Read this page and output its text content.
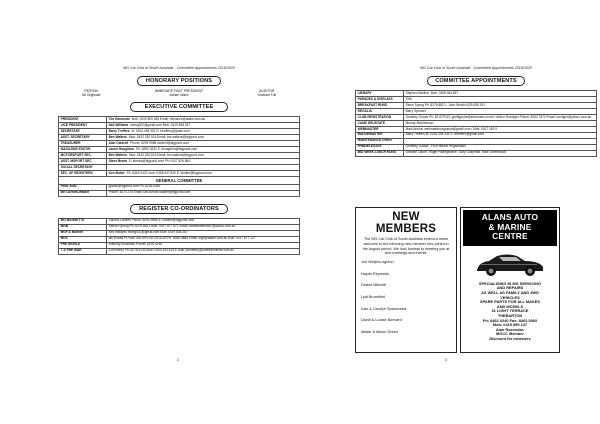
MG Car Club of South Australia - Committee Appointments 2019/2020
HONORARY POSITIONS
PATRON
Nil Originals
IMMEDIATE PAST PRESIDENT
Adrian Ward
AUDITOR
Graham Tull
EXECUTIVE COMMITTEE
PRESIDENT	Tim Edmonds Mob: 0419 805 465 Email: mfinance@adam.com.au
VICE PRESIDENT	Neil Williams nwmg002@gmail.com Mob: 0419 838 267
SECRETARY	Barry Treffers M: 0434 495 331 E: btreffers@gmail.com
ASST. SECRETARY	Ben Walters Mob: 0432 252 516 Email: bm.walters@bigpond.com
TREASURER	Alan Cantrell Phone: 8294 9988 cantrell@bigpond.com
MAGAZINE EDITOR	Laurie Houghton Ph: 8390 0932 E: lhoughton@bigpond.com
MOTORSPORT SEC.	Ben Walters Mob: 0432 252 516 Email: bm.walters@bigpond.com
ASST. MSPORT SEC.	Steve Beara E: sbeara@bigpond.com Ph: 0417 826 864
SOCIAL SECRETARY	
SEC. OF REGISTERS	Ken Butler Ph: 8369 0421 mob: 0408 047 840 E: kbutler@bigpond.com
GENERAL COMMITTEE	
Peter Auld	pjauld@bigpond.com Ph: 8234 6469
Ian Curnow-Walker	Phone: 8274 276 Email: ian.curnow.walker@bigpond.com
REGISTER CO-ORDINATORS
MG MAGNETTE	Sandra Cantrell Phone: 8294 9988 E: cantrell@bigpond.com
MGB	Steven Spong Ph: 8276 8813 Mob: 0417 877 871 Email: barbandsteve62@yahoo.com.au
MGF & Modern	Neil Williams nwmg002@gmail.com Mob: 0419 838 267
MGC	Ian Hobbs PO Box 426 MYLOR SA 5153 Ph: 8388 5888 Email: mgc@adam.com.au Mob: 0417 877 127
PRE WORLD	Anthony Ruwolsen Phone: 8276 4292
T & PRE WAR	John Berry Ph: 8278 5133 Mob: 0403 343 434 E-mail: johnberry@subtleeceleste.com.au
2
MG Car Club of South Australia - Committee Appointments 2019/2020
COMMITTEE APPOINTMENTS
LIBRARY	Stephen Marlton, Mob: 0499 464 857
PARADES & DISPLAYS	TBA
BREAKFAST RUNS	Steve Spong Ph: 8276 8813 - John Worth 0429 408 191
REGALIA	Barry Spencer
CLUB REGISTRATION	Geoffrey Goode Ph: 82 679743, geoffgoode@internode.on.net / Arthur Ruediger Phone: 8262 7870 Email: ruediger@yahoo.com.au
CAMS DELEGATE	Murray Stephenson
WEBMASTER	Mark Anelun webmaster.mgcarsa@gmail.com / Mob: 0417 062 0
BADGEMASTER	Barry Treffers M: 0434 495 331 E: btreffers@gmail.com
MAINTENANCE Officer	
FHMDELEGATE	Geoffrey Goode - Fed Historic Registration
MID WEEK LUNCH RUNS	Graham Laurie, Roger Pallingbrame, Gary Chapman, Mike Greenwood
NEW MEMBERS
The MG Car Club of South Australia extend a warm welcome to the following new member who joined in the August period. We look forward to meeting you at club meetings and events.
Joh Weijers-oghton
Haydn Reynolds
Deane Mitchell
Lydi Brumfield
Ivan & Carolyn Spanovskis
David & Louise Bunvard
Alister & Alison Green
ALANS AUTO
& MARINE
CENTRE
SPECIALISING IN MG SERVICING
AND REPAIRS
AS WELL AS FAMILY AND 4WD
VEHICLES
SPARE PARTS FOR ALL MAKES
AND MODELS
31 LIGHT TERRACE
THEBARTON
Ph: 8462 0240 Fax: 8463 9360
Mob: 0419 859 147
Alan Rosendar,
MGCC Member
Discount for members
3
